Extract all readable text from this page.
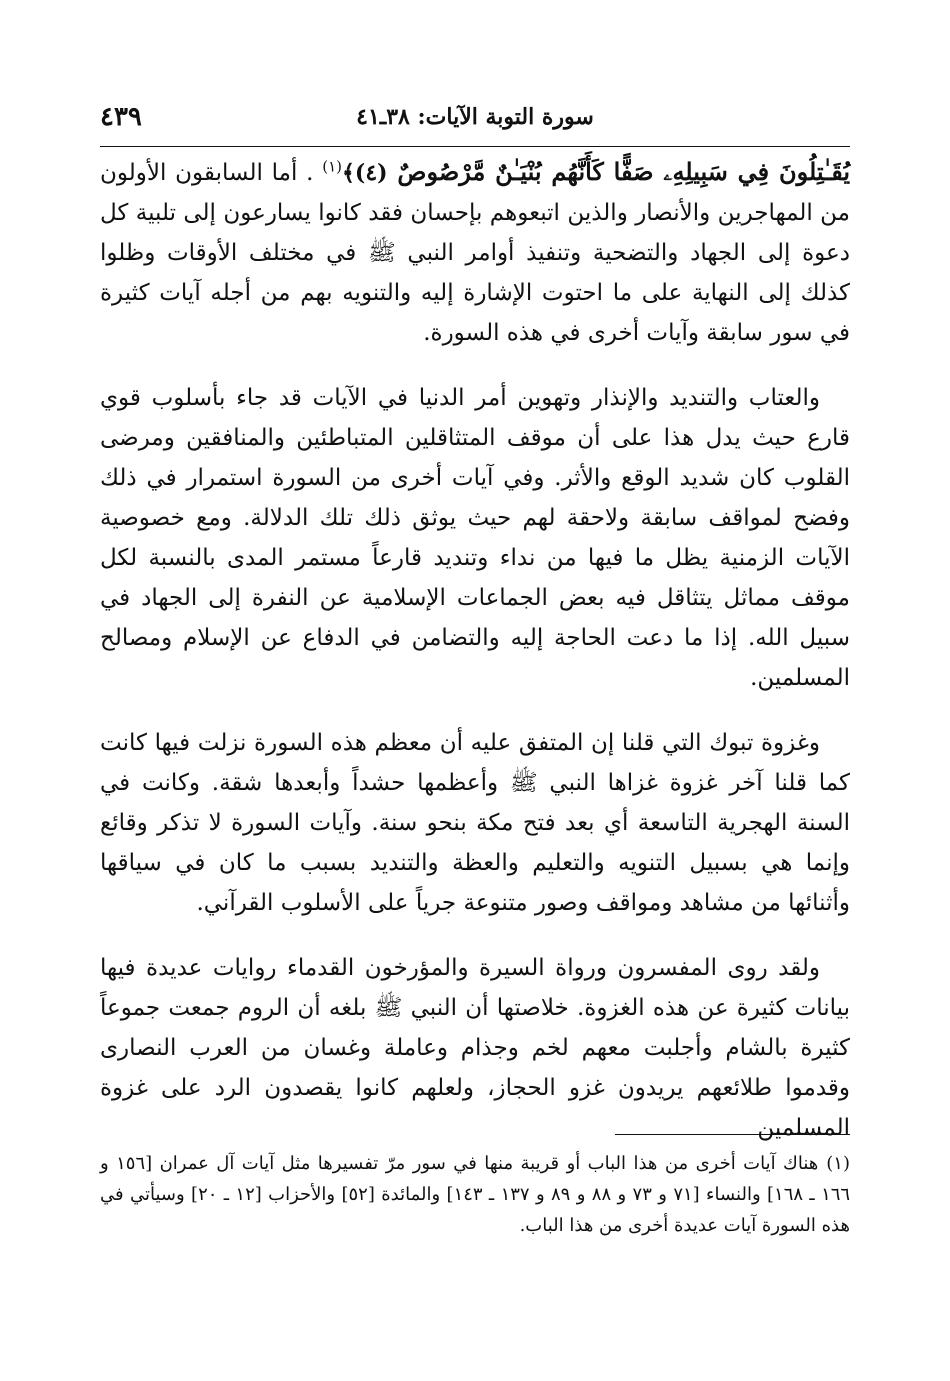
سورة التوبة الآيات: ٣٨ـ٤١
٤٣٩

يُقَـٰتِلُونَ فِي سَبِيلِهِۦ صَفًّا كَأَنَّهُم بُنْيَـٰنٌ مَّرْصُوصٌ (٤)﴾$^{(١)}$ . أما السابقون الأولون من المهاجرين والأنصار والذين اتبعوهم بإحسان فقد كانوا يسارعون إلى تلبية كل دعوة إلى الجهاد والتضحية وتنفيذ أوامر النبي ﷺ في مختلف الأوقات وظلوا كذلك إلى النهاية على ما احتوت الإشارة إليه والتنويه بهم من أجله آيات كثيرة في سور سابقة وآيات أخرى في هذه السورة.

والعتاب والتنديد والإنذار وتهوين أمر الدنيا في الآيات قد جاء بأسلوب قوي قارع حيث يدل هذا على أن موقف المتثاقلين المتباطئين والمنافقين ومرضى القلوب كان شديد الوقع والأثر. وفي آيات أخرى من السورة استمرار في ذلك وفضح لمواقف سابقة ولاحقة لهم حيث يوثق ذلك تلك الدلالة. ومع خصوصية الآيات الزمنية يظل ما فيها من نداء وتنديد قارعاً مستمر المدى بالنسبة لكل موقف مماثل يتثاقل فيه بعض الجماعات الإسلامية عن النفرة إلى الجهاد في سبيل الله. إذا ما دعت الحاجة إليه والتضامن في الدفاع عن الإسلام ومصالح المسلمين.

وغزوة تبوك التي قلنا إن المتفق عليه أن معظم هذه السورة نزلت فيها كانت كما قلنا آخر غزوة غزاها النبي ﷺ وأعظمها حشداً وأبعدها شقة. وكانت في السنة الهجرية التاسعة أي بعد فتح مكة بنحو سنة. وآيات السورة لا تذكر وقائع وإنما هي بسبيل التنويه والتعليم والعظة والتنديد بسبب ما كان في سياقها وأثنائها من مشاهد ومواقف وصور متنوعة جرياً على الأسلوب القرآني.

ولقد روى المفسرون ورواة السيرة والمؤرخون القدماء روايات عديدة فيها بيانات كثيرة عن هذه الغزوة. خلاصتها أن النبي ﷺ بلغه أن الروم جمعت جموعاً كثيرة بالشام وأجلبت معهم لخم وجذام وعاملة وغسان من العرب النصارى وقدموا طلائعهم يريدون غزو الحجاز، ولعلهم كانوا يقصدون الرد على غزوة المسلمين

(١)هناك آيات أخرى من هذا الباب أو قريبة منها في سور مرّ تفسيرها مثل آيات آل عمران [١٥٦ و ١٦٦ ـ ١٦٨] والنساء [٧١ و ٧٣ و ٨٨ و ٨٩ و ١٣٧ ـ ١٤٣] والمائدة [٥٢] والأحزاب [١٢ ـ ٢٠] وسيأتي في هذه السورة آيات عديدة أخرى من هذا الباب.
